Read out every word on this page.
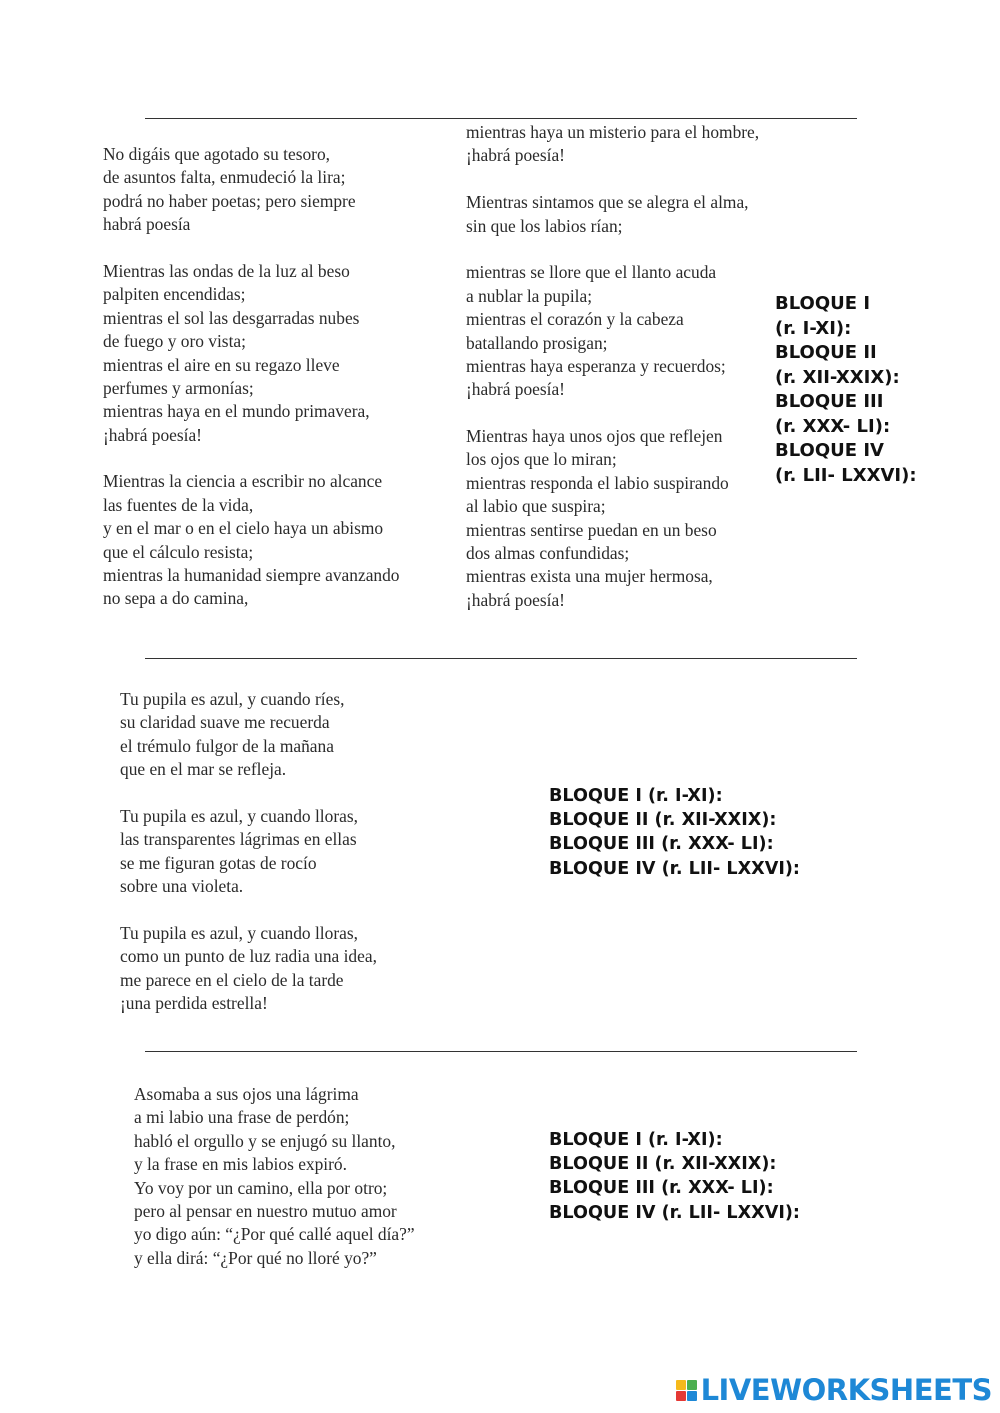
No digáis que agotado su tesoro,
de asuntos falta, enmudeció la lira;
podrá no haber poetas; pero siempre
habrá poesía
Mientras las ondas de la luz al beso
palpiten encendidas;
mientras el sol las desgarradas nubes
de fuego y oro vista;
mientras el aire en su regazo lleve
perfumes y armonías;
mientras haya en el mundo primavera,
¡habrá poesía!
Mientras la ciencia a escribir no alcance
las fuentes de la vida,
y en el mar o en el cielo haya un abismo
que el cálculo resista;
mientras la humanidad siempre avanzando
no sepa a do camina,
mientras haya un misterio para el hombre,
¡habrá poesía!
Mientras sintamos que se alegra el alma,
sin que los labios rían;
mientras se llore que el llanto acuda
a nublar la pupila;
mientras el corazón y la cabeza
batallando prosigan;
mientras haya esperanza y recuerdos;
¡habrá poesía!
Mientras haya unos ojos que reflejen
los ojos que lo miran;
mientras responda el labio suspirando
al labio que suspira;
mientras sentirse puedan en un beso
dos almas confundidas;
mientras exista una mujer hermosa,
¡habrá poesía!
BLOQUE I
(r. I-XI):
BLOQUE II
(r. XII-XXIX):
BLOQUE III
(r. XXX- LI):
BLOQUE IV
(r. LII- LXXVI):
Tu pupila es azul, y cuando ríes,
su claridad suave me recuerda
el trémulo fulgor de la mañana
que en el mar se refleja.
Tu pupila es azul, y cuando lloras,
las transparentes lágrimas en ellas
se me figuran gotas de rocío
sobre una violeta.
Tu pupila es azul, y cuando lloras,
como un punto de luz radia una idea,
me parece en el cielo de la tarde
¡una perdida estrella!
BLOQUE I (r. I-XI):
BLOQUE II (r. XII-XXIX):
BLOQUE III (r. XXX- LI):
BLOQUE IV (r. LII- LXXVI):
Asomaba a sus ojos una lágrima
a mi labio una frase de perdón;
habló el orgullo y se enjugó su llanto,
y la frase en mis labios expiró.
Yo voy por un camino, ella por otro;
pero al pensar en nuestro mutuo amor
yo digo aún: “¿Por qué callé aquel día?”
y ella dirá: “¿Por qué no lloré yo?”
BLOQUE I (r. I-XI):
BLOQUE II (r. XII-XXIX):
BLOQUE III (r. XXX- LI):
BLOQUE IV (r. LII- LXXVI):
LIVEWORKSHEETS
